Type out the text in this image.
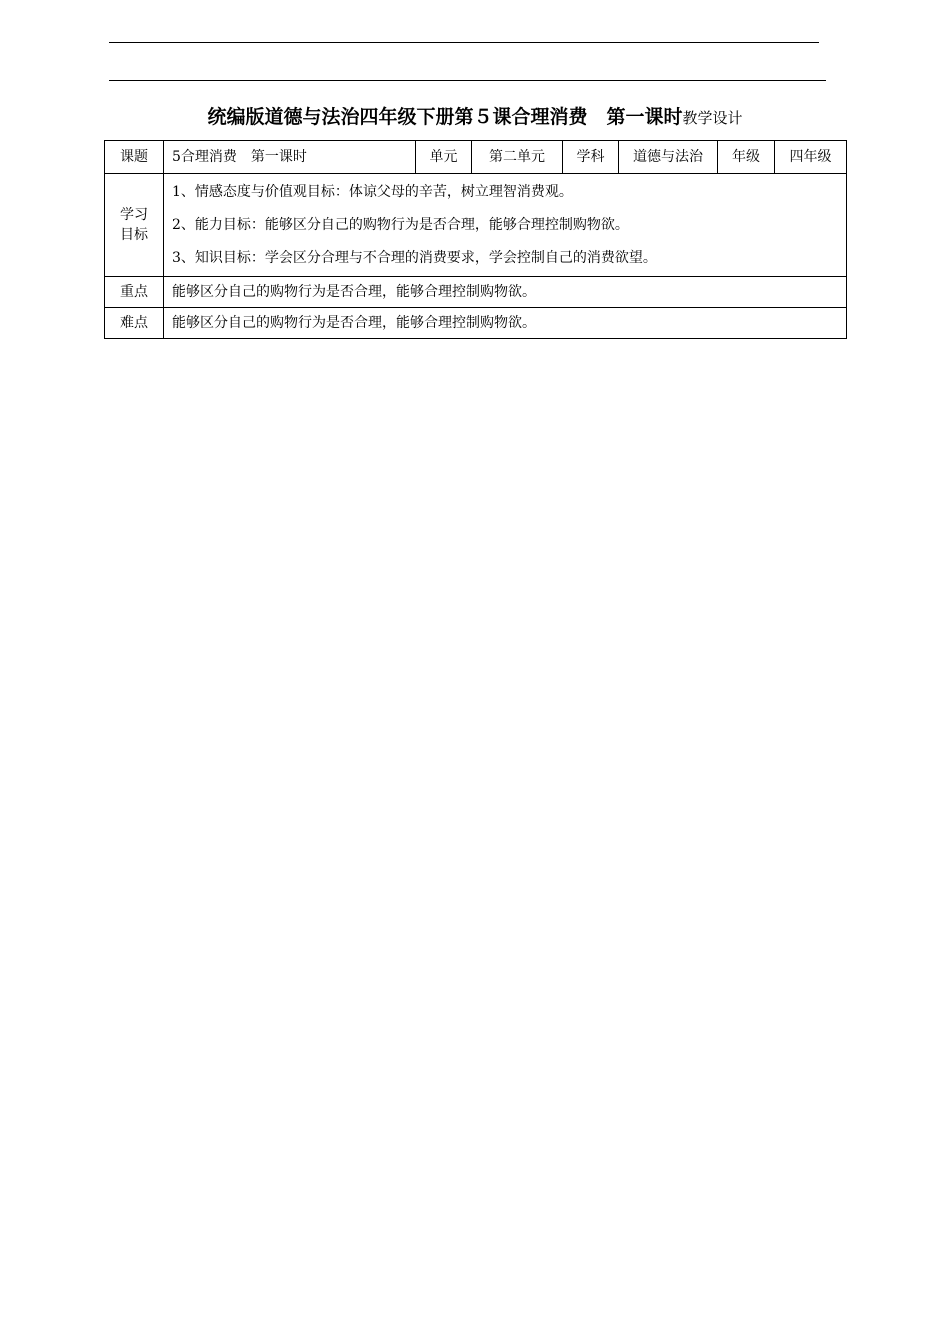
统编版道德与法治四年级下册第５课合理消费　第一课时教学设计
课题	5合理消费　第一课时	单元	第二单元	学科	道德与法治	年级	四年级
学习
目标	1、情感态度与价值观目标：体谅父母的辛苦，树立理智消费观。
2、能力目标：能够区分自己的购物行为是否合理，能够合理控制购物欲。
3、知识目标：学会区分合理与不合理的消费要求，学会控制自己的消费欲望。						

重点	能够区分自己的购物行为是否合理，能够合理控制购物欲。						
难点	能够区分自己的购物行为是否合理，能够合理控制购物欲。						
